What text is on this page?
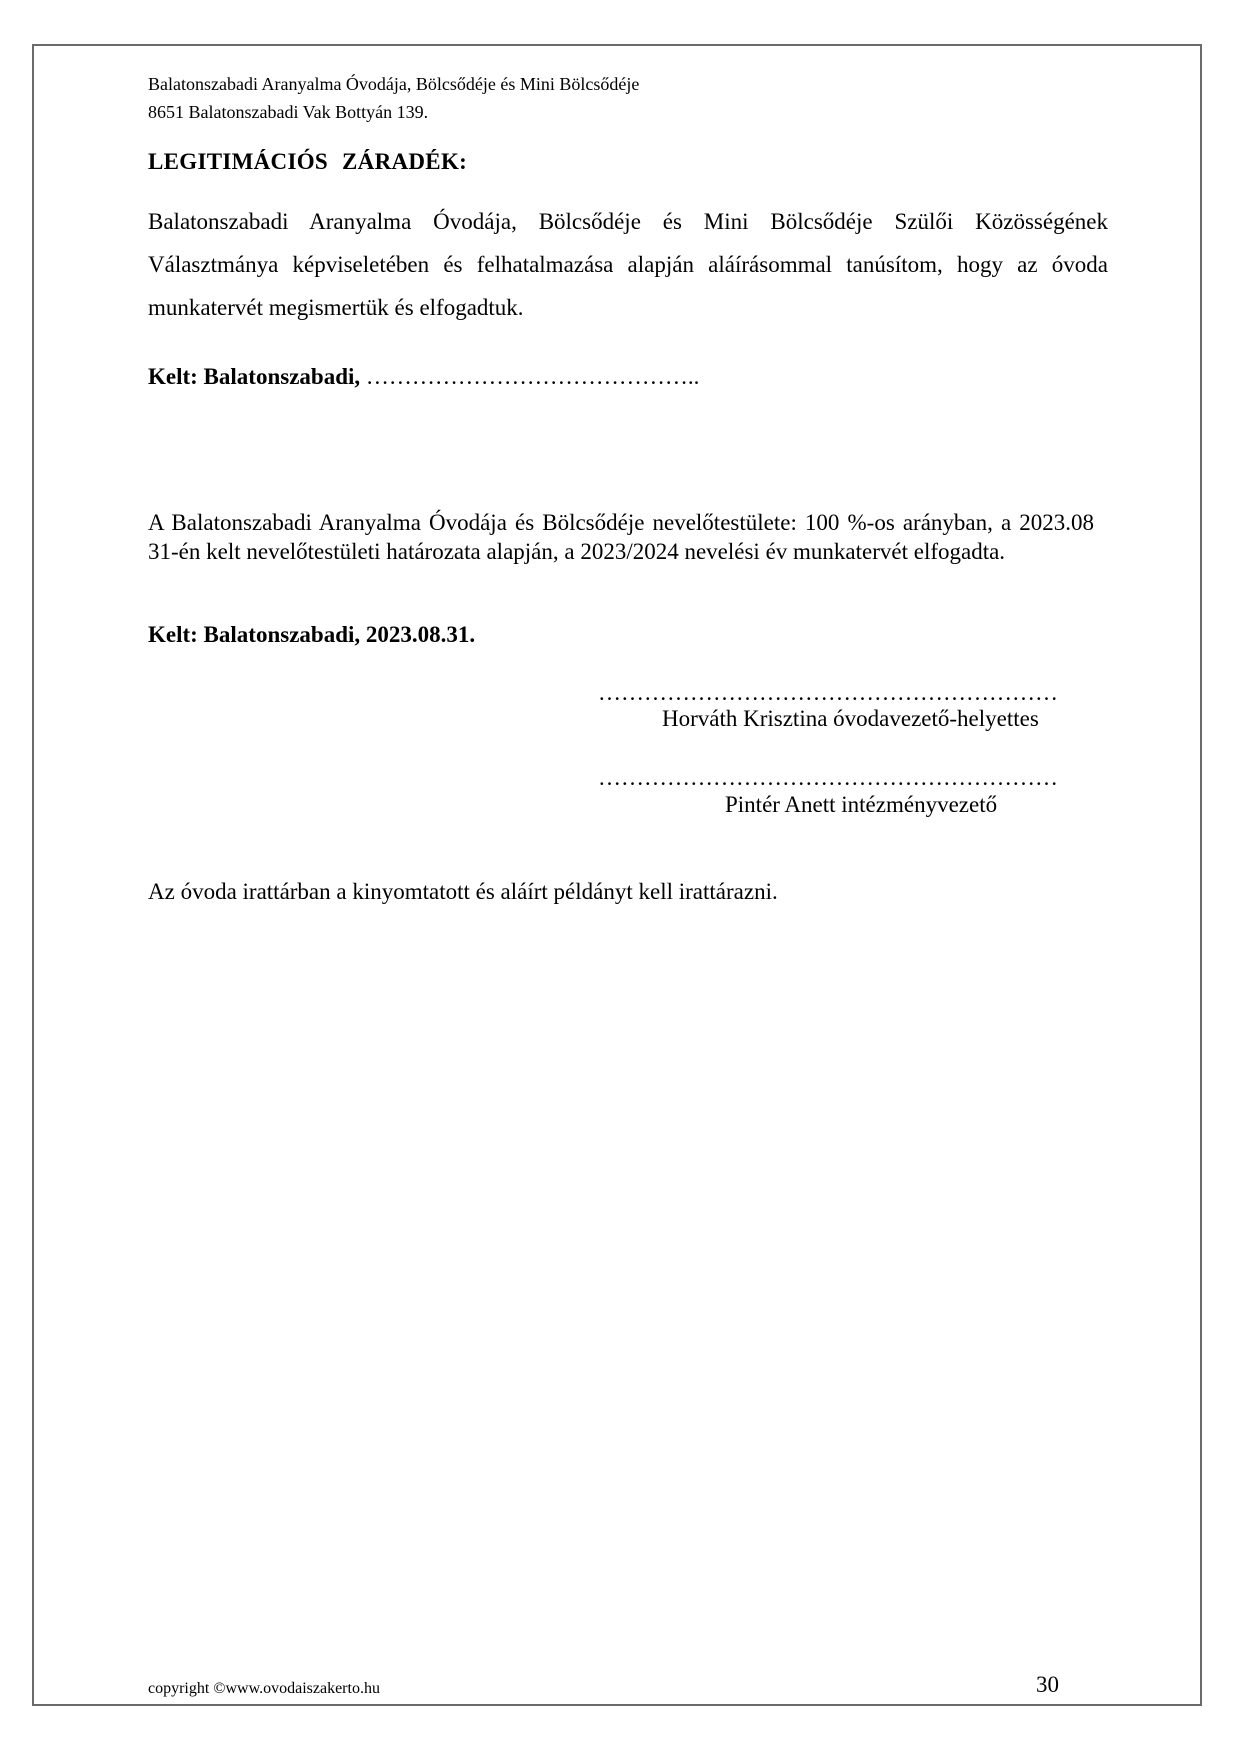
Balatonszabadi Aranyalma Óvodája, Bölcsődéje és Mini Bölcsődéje
8651 Balatonszabadi Vak Bottyán 139.
LEGITIMÁCIÓS ZÁRADÉK:
Balatonszabadi Aranyalma Óvodája, Bölcsődéje és Mini Bölcsődéje Szülői Közösségének Választmánya képviseletében és felhatalmazása alapján aláírásommal tanúsítom, hogy az óvoda munkatervét megismertük és elfogadtuk.
Kelt: Balatonszabadi, ……………………………………..
A Balatonszabadi Aranyalma Óvodája és Bölcsődéje nevelőtestülete: 100 %-os arányban, a 2023.08 31-én kelt nevelőtestületi határozata alapján, a 2023/2024 nevelési év munkatervét elfogadta.
Kelt: Balatonszabadi, 2023.08.31.
……………………………………………………
Horváth Krisztina óvodavezető-helyettes
……………………………………………………
Pintér Anett intézményvezető
Az óvoda irattárban a kinyomtatott és aláírt példányt kell irattárazni.
copyright ©www.ovodaiszakerto.hu	30
